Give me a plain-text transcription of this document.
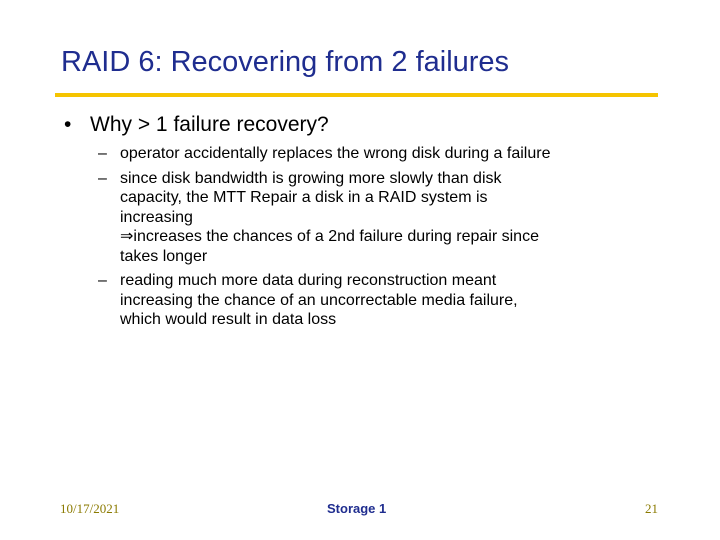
RAID 6: Recovering from 2 failures
• Why > 1 failure recovery?
– operator accidentally replaces the wrong disk during a failure
– since disk bandwidth is growing more slowly than disk
capacity, the MTT Repair a disk in a RAID system is
increasing
⇒increases the chances of a 2nd failure during repair since
takes longer
– reading much more data during reconstruction meant
increasing the chance of an uncorrectable media failure,
which would result in data loss
10/17/2021	Storage 1	21
